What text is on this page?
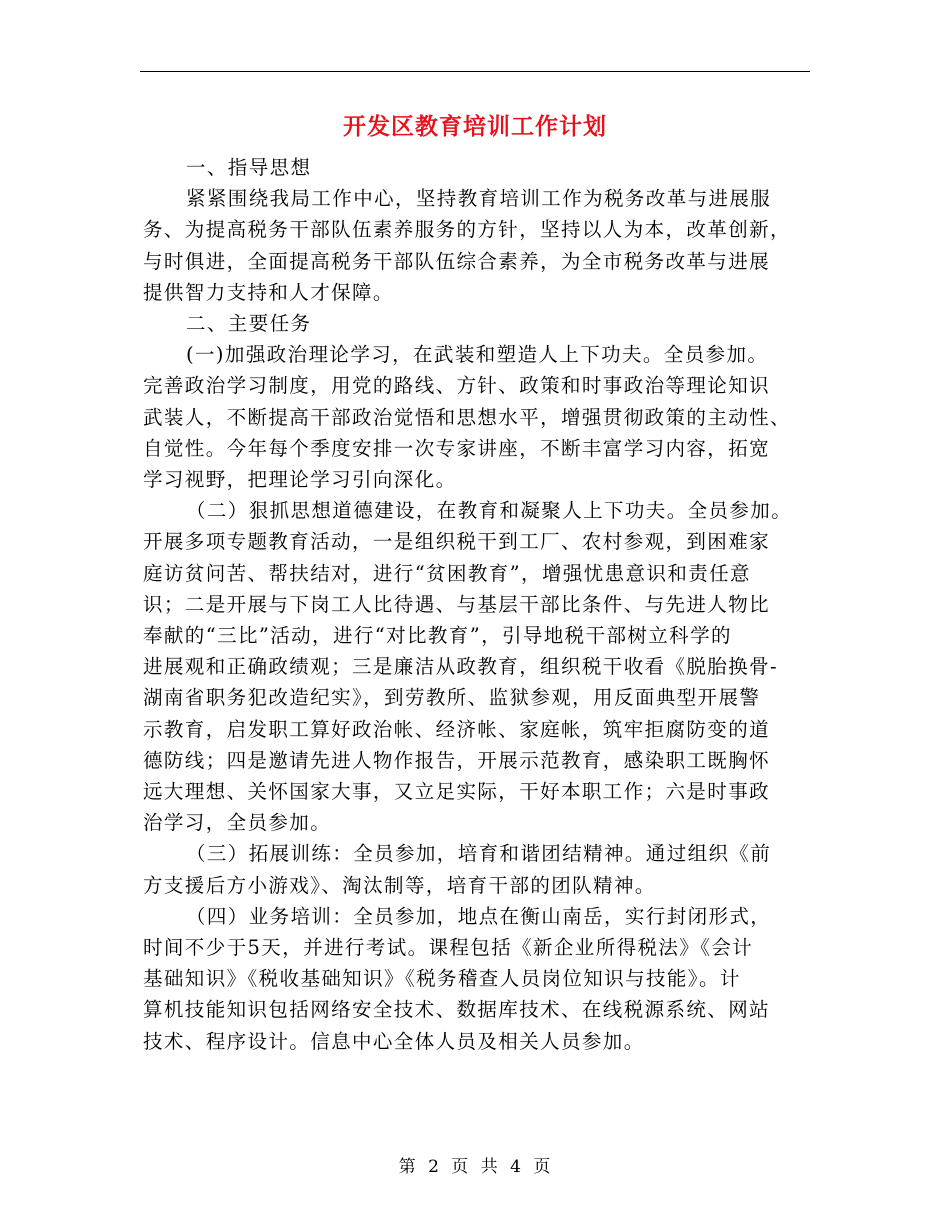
开发区教育培训工作计划
一、指导思想
紧紧围绕我局工作中心，坚持教育培训工作为税务改革与进展服
务、为提高税务干部队伍素养服务的方针，坚持以人为本，改革创新，
与时俱进，全面提高税务干部队伍综合素养，为全市税务改革与进展
提供智力支持和人才保障。
二、主要任务
(一)加强政治理论学习，在武装和塑造人上下功夫。全员参加。
完善政治学习制度，用党的路线、方针、政策和时事政治等理论知识
武装人，不断提高干部政治觉悟和思想水平，增强贯彻政策的主动性、
自觉性。今年每个季度安排一次专家讲座，不断丰富学习内容，拓宽
学习视野，把理论学习引向深化。
（二）狠抓思想道德建设，在教育和凝聚人上下功夫。全员参加。
开展多项专题教育活动，一是组织税干到工厂、农村参观，到困难家
庭访贫问苦、帮扶结对，进行“贫困教育”，增强忧患意识和责任意
识；二是开展与下岗工人比待遇、与基层干部比条件、与先进人物比
奉献的“三比”活动，进行“对比教育”，引导地税干部树立科学的
进展观和正确政绩观；三是廉洁从政教育，组织税干收看《脱胎换骨-
湖南省职务犯改造纪实》，到劳教所、监狱参观，用反面典型开展警
示教育，启发职工算好政治帐、经济帐、家庭帐，筑牢拒腐防变的道
德防线；四是邀请先进人物作报告，开展示范教育，感染职工既胸怀
远大理想、关怀国家大事，又立足实际，干好本职工作；六是时事政
治学习，全员参加。
（三）拓展训练：全员参加，培育和谐团结精神。通过组织《前
方支援后方小游戏》、淘汰制等，培育干部的团队精神。
（四）业务培训：全员参加，地点在衡山南岳，实行封闭形式，
时间不少于5天，并进行考试。课程包括《新企业所得税法》《会计
基础知识》《税收基础知识》《税务稽查人员岗位知识与技能》。计
算机技能知识包括网络安全技术、数据库技术、在线税源系统、网站
技术、程序设计。信息中心全体人员及相关人员参加。
第 2 页 共 4 页
